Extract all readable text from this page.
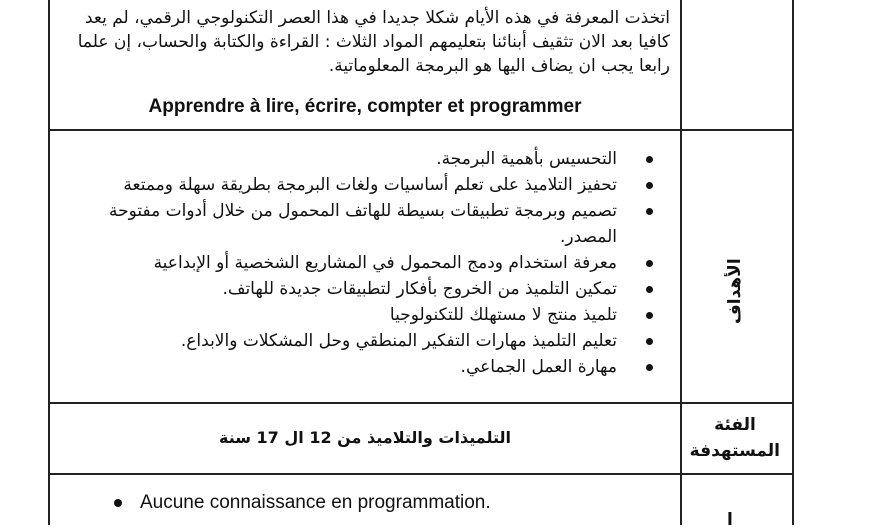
اتخذت المعرفة في هذه الأيام شكلا جديدا في هذا العصر التكنولوجي الرقمي، لم يعد
كافيا بعد الان تثقيف أبنائنا بتعليمهم المواد الثلاث : القراءة والكتابة والحساب، إن علما
رابعا يجب ان يضاف اليها هو البرمجة المعلوماتية.
Apprendre à lire, écrire, compter et programmer
التحسيس بأهمية البرمجة.
تحفيز التلاميذ على تعلم أساسيات ولغات البرمجة بطريقة سهلة وممتعة
تصميم وبرمجة تطبيقات بسيطة للهاتف المحمول من خلال أدوات مفتوحة
المصدر.
معرفة استخدام ودمج المحمول في المشاريع الشخصية أو الإبداعية
تمكين التلميذ من الخروج بأفكار لتطبيقات جديدة للهاتف.
تلميذ منتج لا مستهلك للتكنولوجيا
تعليم التلميذ مهارات التفكير المنطقي وحل المشكلات والابداع.
مهارة العمل الجماعي.
الأهداف
الفئة
المستهدفة
التلميذات والتلاميذ من 12 ال 17 سنة
Aucune connaissance en programmation.
ا
